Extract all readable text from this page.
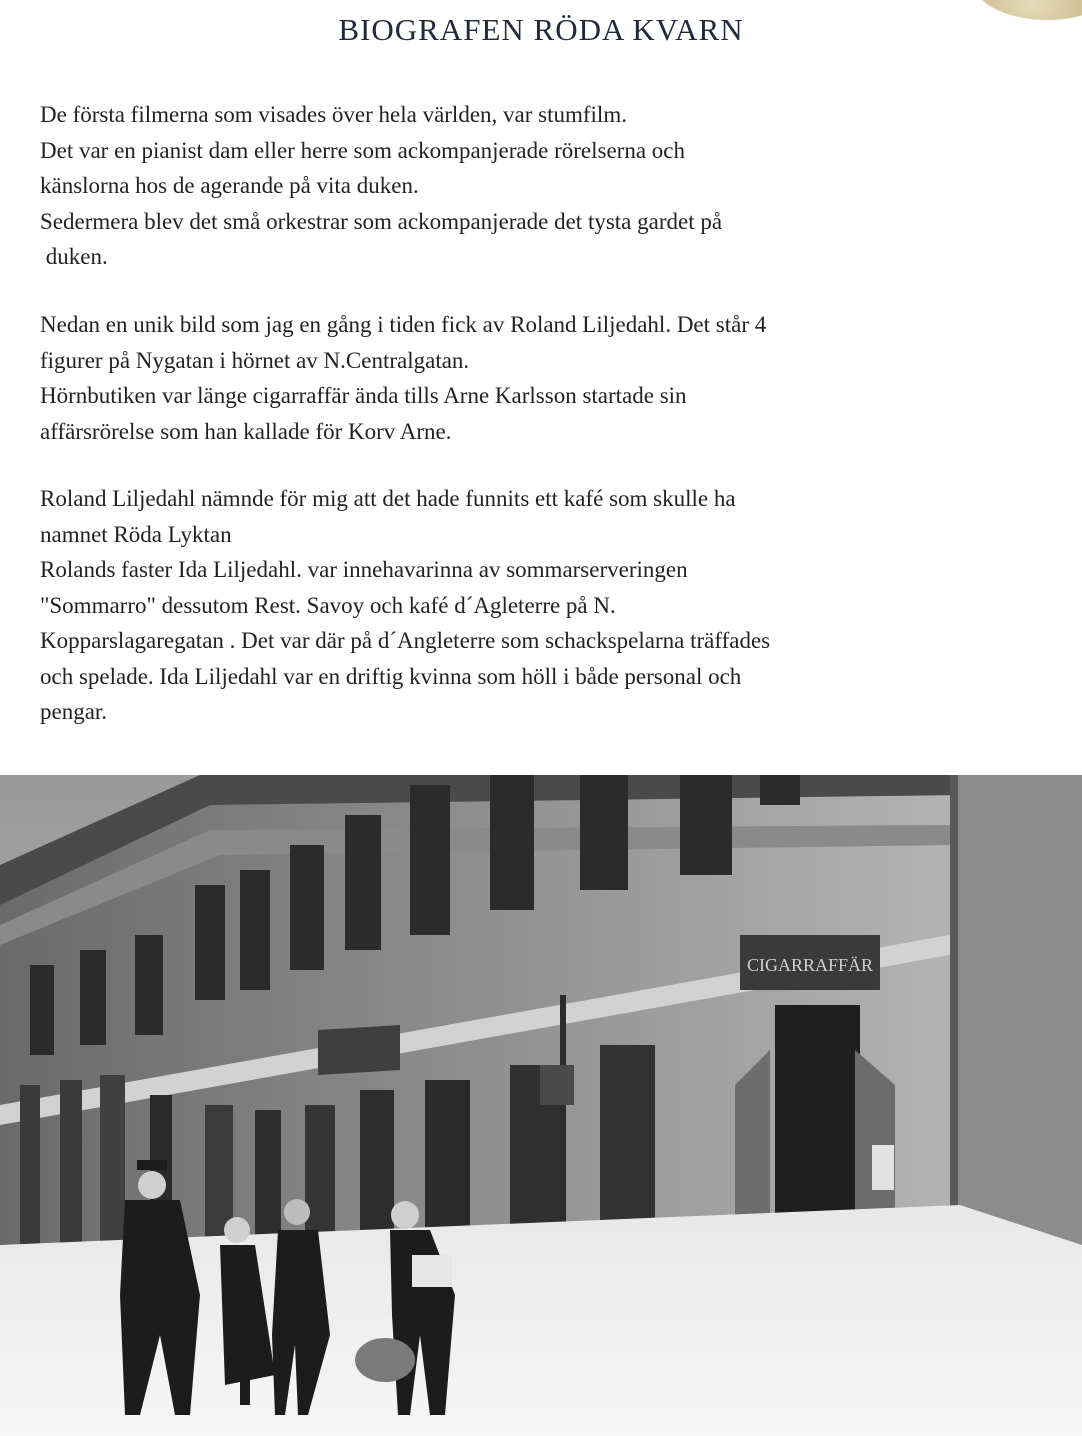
BIOGRAFEN RÖDA KVARN
De första filmerna som visades över hela världen, var stumfilm.
Det var en pianist dam eller herre som ackompanjerade rörelserna och
känslorna hos de agerande på vita duken.
Sedermera blev det små orkestrar som ackompanjerade det tysta gardet på
duken.
Nedan en unik bild som jag en gång i tiden fick av Roland Liljedahl. Det står 4
figurer på Nygatan i hörnet av N.Centralgatan.
Hörnbutiken var länge cigarraffär ända tills Arne Karlsson startade sin
affärsrörelse som han kallade för Korv Arne.
Roland Liljedahl nämnde för mig att det hade funnits ett kafé som skulle ha
namnet Röda Lyktan
Rolands faster Ida Liljedahl. var innehavarinna av sommarserveringen
"Sommarro" dessutom Rest. Savoy och kafé d´Agleterre på N.
Kopparslagaregatan . Det var där på d´Angleterre som schackspelarna träffades
och spelade. Ida Liljedahl var en driftig kvinna som höll i både personal och
pengar.
CIGARRAFFÄR
